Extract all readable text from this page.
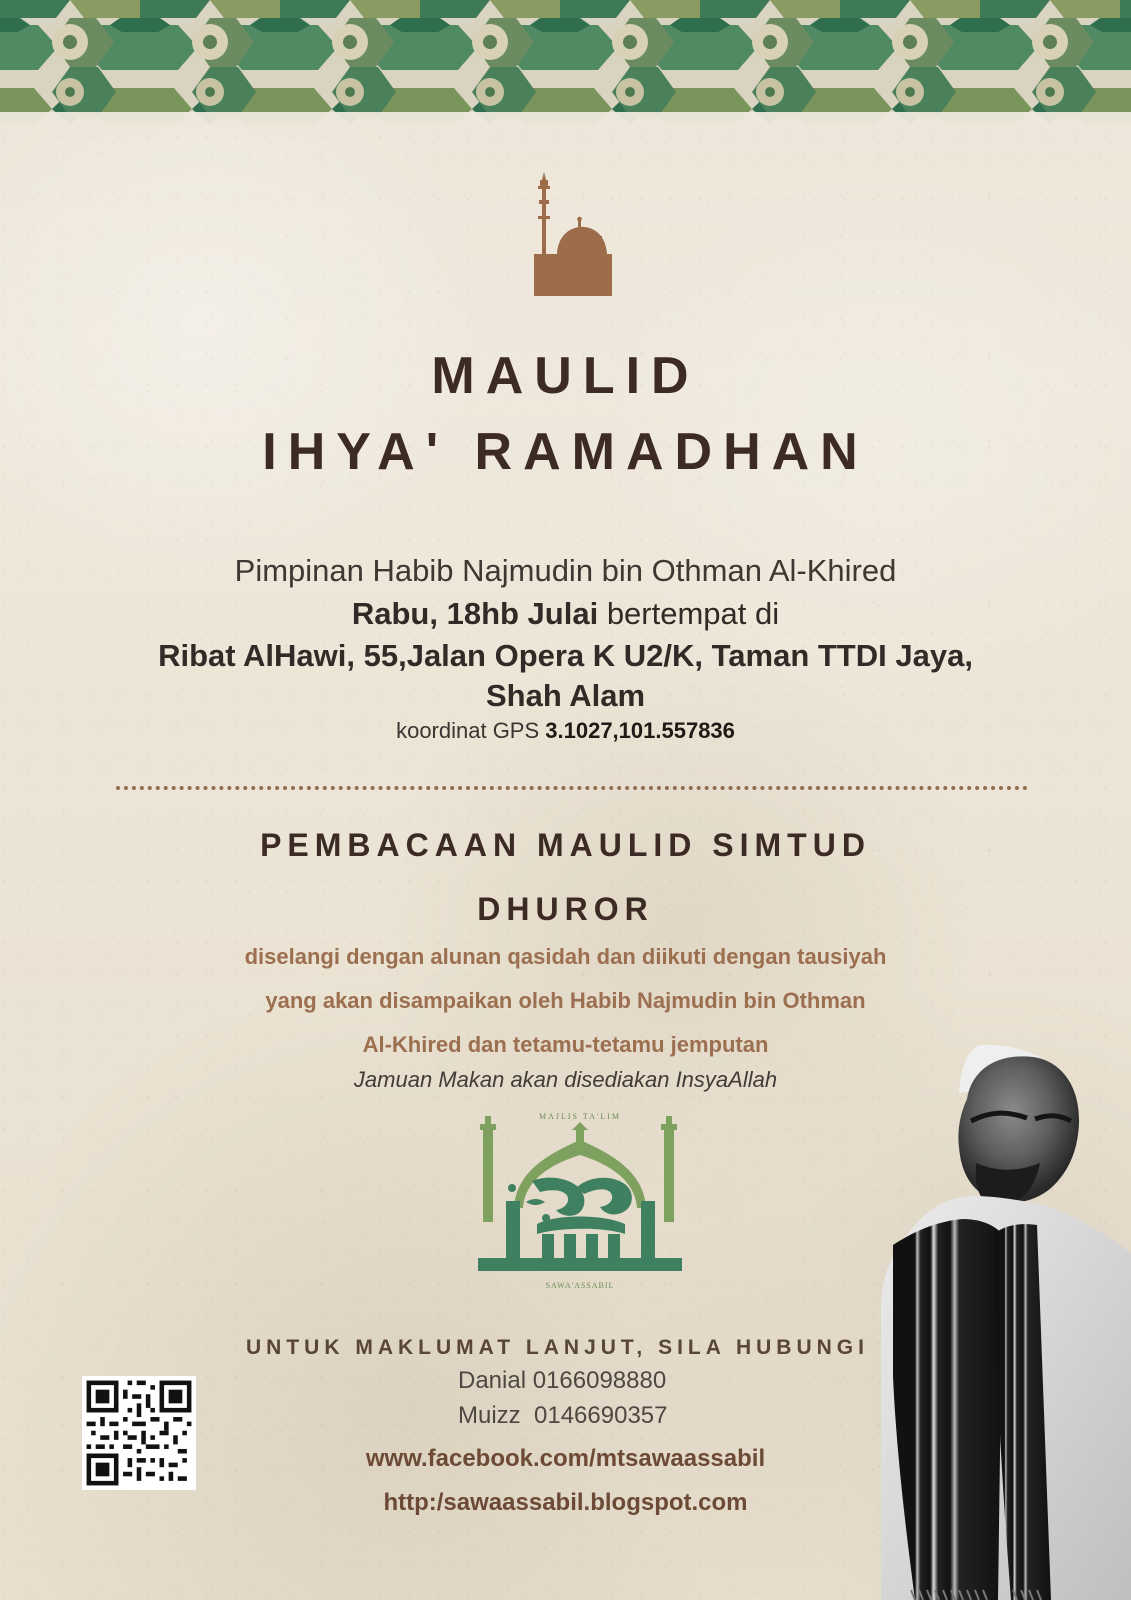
MAULID
IHYA' RAMADHAN
Pimpinan Habib Najmudin bin Othman Al-Khired
Rabu, 18hb Julai bertempat di
Ribat AlHawi, 55,Jalan Opera K U2/K, Taman TTDI Jaya,
Shah Alam
koordinat GPS 3.1027,101.557836
PEMBACAAN MAULID SIMTUD
DHUROR
diselangi dengan alunan qasidah dan diikuti dengan tausiyah
yang akan disampaikan oleh Habib Najmudin bin Othman
Al-Khired dan tetamu-tetamu jemputan
Jamuan Makan akan disediakan InsyaAllah
MAJLIS TA'LIM
SAWA'ASSABIL
UNTUK MAKLUMAT LANJUT, SILA HUBUNGI
Danial 0166098880
Muizz  0146690357
www.facebook.com/mtsawaassabil
http:/sawaassabil.blogspot.com
